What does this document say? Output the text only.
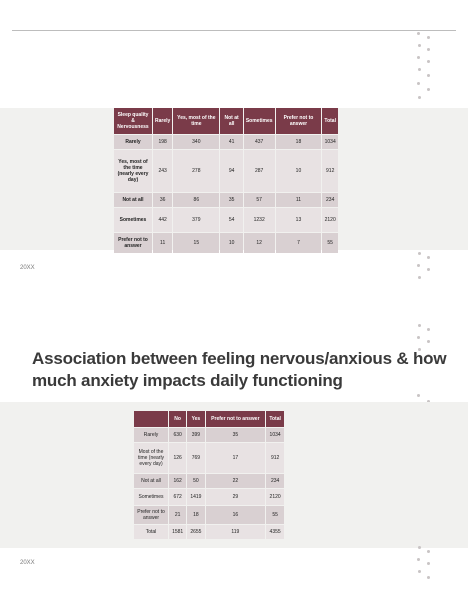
Sleep quality & Nervousness	Rarely	Yes, most of the time	Not at all	Sometimes	Prefer not to answer	Total
Rarely	198	340	41	437	18	1034
Yes, most of the time (nearly every day)	243	278	94	287	10	912
Not at all	36	86	35	57	11	234
Sometimes	442	379	54	1232	13	2120
Prefer not to answer	11	15	10	12	7	55
20XX
Association between feeling nervous/anxious & how much anxiety impacts daily functioning
	No	Yes	Prefer not to answer	Total
Rarely	630	399	35	1034
Most of the time (nearly every day)	126	769	17	912
Not at all	162	50	22	234
Sometimes	672	1419	29	2120
Prefer not to answer	21	18	16	55
Total	1581	2655	119	4355
20XX
